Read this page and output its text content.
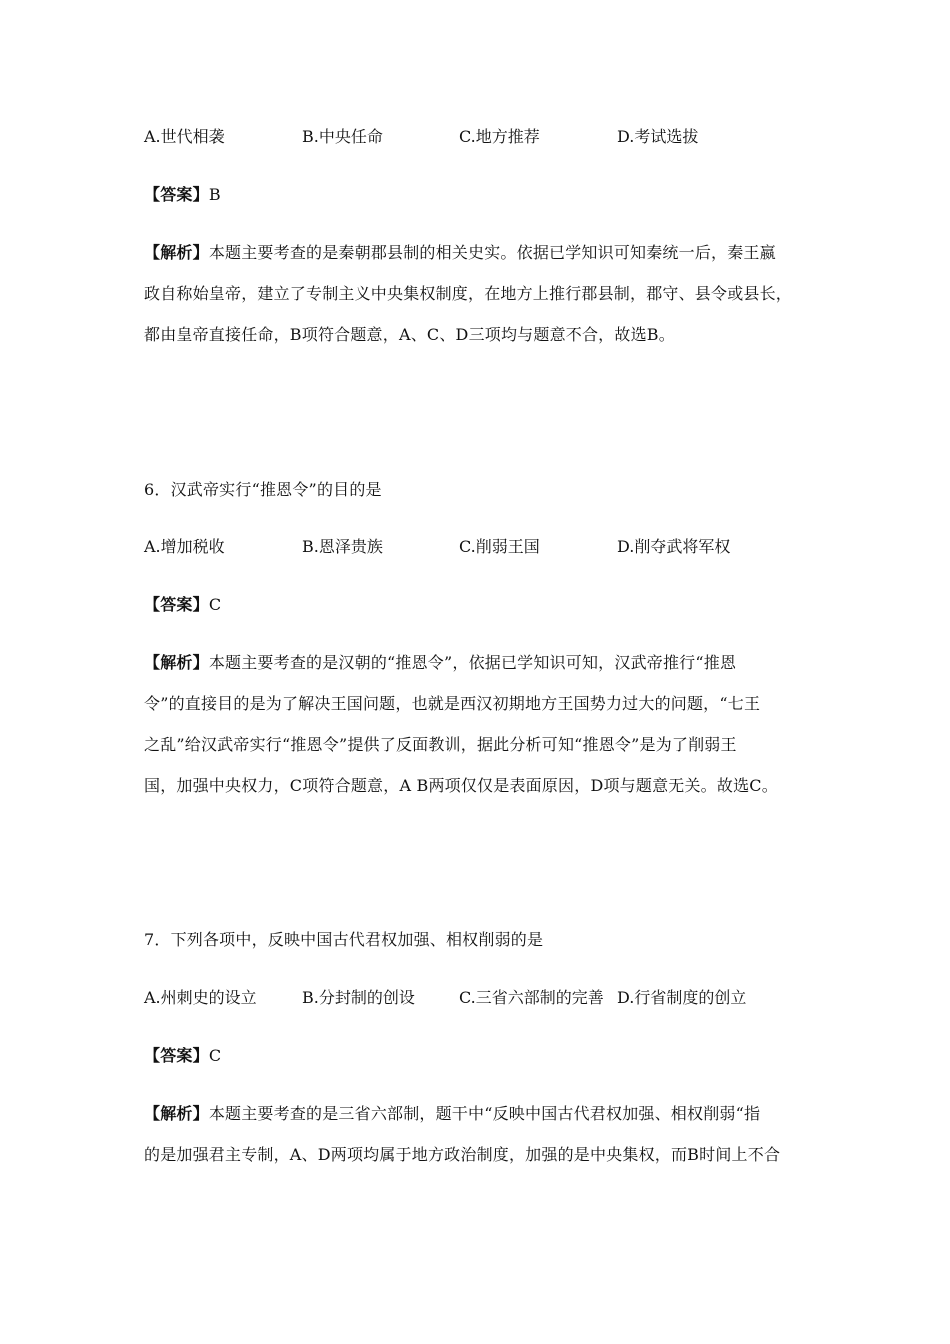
A.世代相袭	B.中央任命	C.地方推荐	D.考试选拔
【答案】B
【解析】本题主要考查的是秦朝郡县制的相关史实。依据已学知识可知秦统一后，秦王嬴
政自称始皇帝，建立了专制主义中央集权制度，在地方上推行郡县制，郡守、县令或县长，
都由皇帝直接任命，B项符合题意，A、C、D三项均与题意不合，故选B。
6．汉武帝实行“推恩令”的目的是
A.增加税收	B.恩泽贵族	C.削弱王国	D.削夺武将军权
【答案】C
【解析】本题主要考查的是汉朝的“推恩令”，依据已学知识可知，汉武帝推行“推恩
令”的直接目的是为了解决王国问题，也就是西汉初期地方王国势力过大的问题，“七王
之乱”给汉武帝实行“推恩令”提供了反面教训，据此分析可知“推恩令”是为了削弱王
国，加强中央权力，C项符合题意，A B两项仅仅是表面原因，D项与题意无关。故选C。
7．下列各项中，反映中国古代君权加强、相权削弱的是
A.州刺史的设立	B.分封制的创设	C.三省六部制的完善 D.行省制度的创立
【答案】C
【解析】本题主要考查的是三省六部制，题干中“反映中国古代君权加强、相权削弱“指
的是加强君主专制，A、D两项均属于地方政治制度，加强的是中央集权，而B时间上不合
